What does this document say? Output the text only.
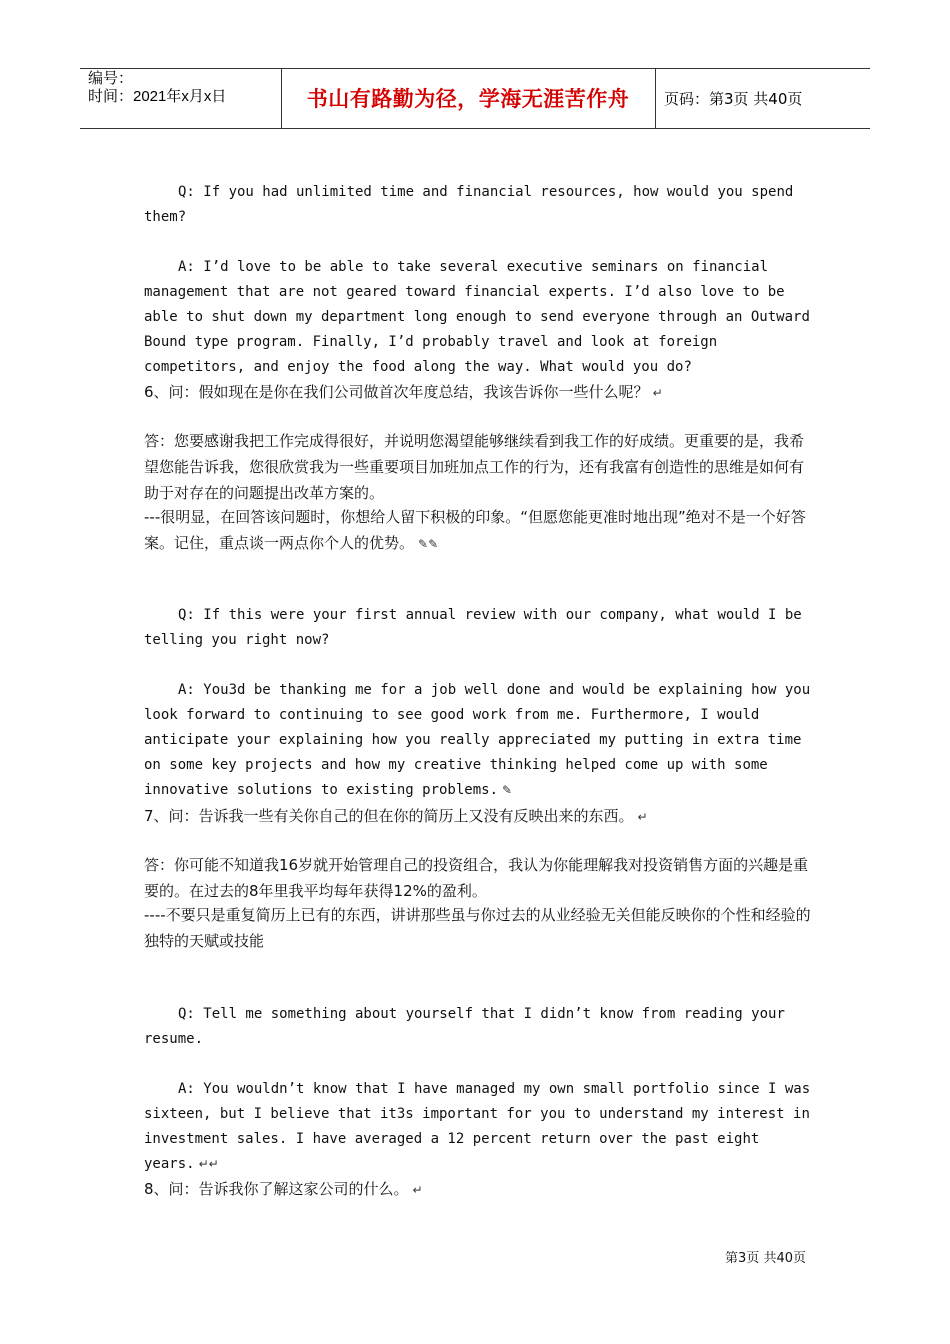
编号：
时间：2021年x月x日	书山有路勤为径，学海无涯苦作舟	页码：第3页 共40页

Q: If you had unlimited time and financial resources, how would you spend them?

A: I’d love to be able to take several executive seminars on financial management that are not geared toward financial experts. I’d also love to be able to shut down my department long enough to send everyone through an Outward Bound type program. Finally, I’d probably travel and look at foreign competitors, and enjoy the food along the way. What would you do?

6、问：假如现在是你在我们公司做首次年度总结，我该告诉你一些什么呢？ ↵

答：您要感谢我把工作完成得很好，并说明您渴望能够继续看到我工作的好成绩。更重要的是，我希望您能告诉我，您很欣赏我为一些重要项目加班加点工作的行为，还有我富有创造性的思维是如何有助于对存在的问题提出改革方案的。

---很明显，在回答该问题时，你想给人留下积极的印象。“但愿您能更准时地出现”绝对不是一个好答案。记住，重点谈一两点你个人的优势。 ✎✎

Q: If this were your first annual review with our company, what would I be telling you right now?

A: You3d be thanking me for a job well done and would be explaining how you look forward to continuing to see good work from me. Furthermore, I would anticipate your explaining how you really appreciated my putting in extra time on some key projects and how my creative thinking helped come up with some innovative solutions to existing problems. ✎

7、问：告诉我一些有关你自己的但在你的简历上又没有反映出来的东西。 ↵

答：你可能不知道我16岁就开始管理自己的投资组合，我认为你能理解我对投资销售方面的兴趣是重要的。在过去的8年里我平均每年获得12%的盈利。

----不要只是重复简历上已有的东西，讲讲那些虽与你过去的从业经验无关但能反映你的个性和经验的独特的天赋或技能

Q: Tell me something about yourself that I didn’t know from reading your resume.

A: You wouldn’t know that I have managed my own small portfolio since I was sixteen, but I believe that it3s important for you to understand my interest in investment sales. I have averaged a 12 percent return over the past eight years. ↵↵

8、问：告诉我你了解这家公司的什么。 ↵

第3页 共40页
